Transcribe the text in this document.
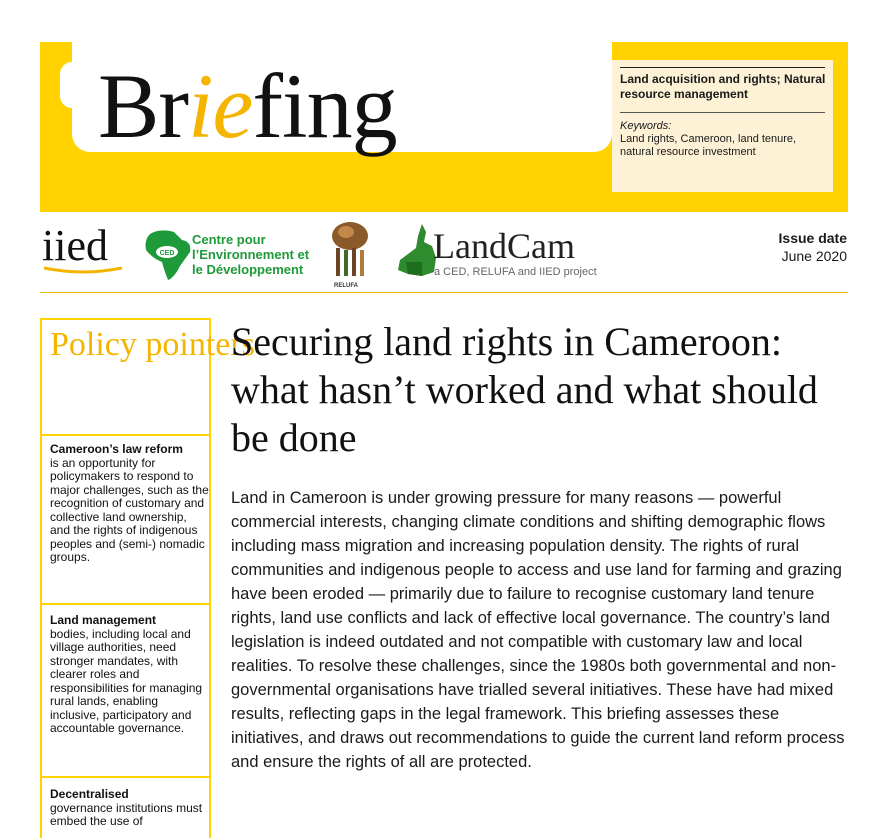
Briefing	Land acquisition and rights; Natural resource management
Keywords:
Land rights, Cameroon, land tenure, natural resource investment
iied	CED
Centre pour l’Environnement et le Développement
RELUFA
LandCam
a CED, RELUFA and IIED project
Issue date
June 2020
Policy pointers
Cameroon’s law reform
is an opportunity for policymakers to respond to major challenges, such as the recognition of customary and collective land ownership, and the rights of indigenous peoples and (semi-) nomadic groups.
Land management
bodies, including local and village authorities, need stronger mandates, with clearer roles and responsibilities for managing rural lands, enabling inclusive, participatory and accountable governance.
Decentralised
governance institutions must embed the use of
Securing land rights in Cameroon: what hasn’t worked and what should be done

Land in Cameroon is under growing pressure for many reasons — powerful commercial interests, changing climate conditions and shifting demographic flows including mass migration and increasing population density. The rights of rural communities and indigenous people to access and use land for farming and grazing have been eroded — primarily due to failure to recognise customary land tenure rights, land use conflicts and lack of effective local governance. The country’s land legislation is indeed outdated and not compatible with customary law and local realities. To resolve these challenges, since the 1980s both governmental and non-governmental organisations have trialled several initiatives. These have had mixed results, reflecting gaps in the legal framework. This briefing assesses these initiatives, and draws out recommendations to guide the current land reform process and ensure the rights of all are protected.
